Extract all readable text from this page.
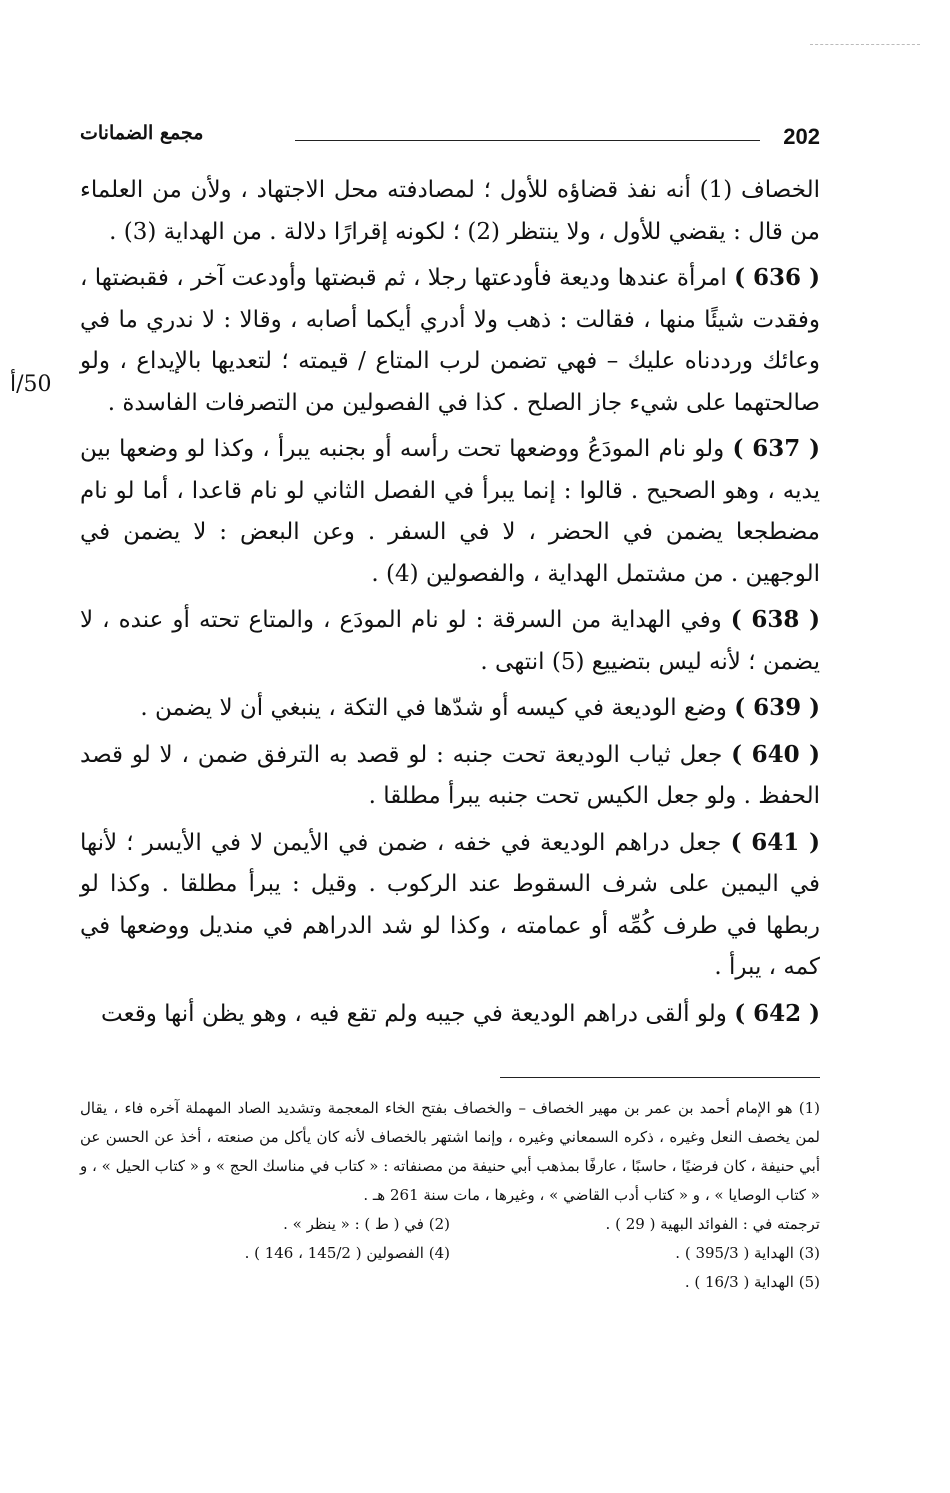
202
مجمع الضمانات
50/أ

الخصاف (1) أنه نفذ قضاؤه للأول ؛ لمصادفته محل الاجتهاد ، ولأن من العلماء من قال : يقضي للأول ، ولا ينتظر (2) ؛ لكونه إقرارًا دلالة . من الهداية (3) .

( 636 ) امرأة عندها وديعة فأودعتها رجلا ، ثم قبضتها وأودعت آخر ، فقبضتها ، وفقدت شيئًا منها ، فقالت : ذهب ولا أدري أيكما أصابه ، وقالا : لا ندري ما في وعائك ورددناه عليك – فهي تضمن لرب المتاع / قيمته ؛ لتعديها بالإيداع ، ولو صالحتهما على شيء جاز الصلح . كذا في الفصولين من التصرفات الفاسدة .

( 637 ) ولو نام المودَعُ ووضعها تحت رأسه أو بجنبه يبرأ ، وكذا لو وضعها بين يديه ، وهو الصحيح . قالوا : إنما يبرأ في الفصل الثاني لو نام قاعدا ، أما لو نام مضطجعا يضمن في الحضر ، لا في السفر . وعن البعض : لا يضمن في الوجهين . من مشتمل الهداية ، والفصولين (4) .

( 638 ) وفي الهداية من السرقة : لو نام المودَع ، والمتاع تحته أو عنده ، لا يضمن ؛ لأنه ليس بتضييع (5) انتهى .

( 639 ) وضع الوديعة في كيسه أو شدّها في التكة ، ينبغي أن لا يضمن .

( 640 ) جعل ثياب الوديعة تحت جنبه : لو قصد به الترفق ضمن ، لا لو قصد الحفظ . ولو جعل الكيس تحت جنبه يبرأ مطلقا .

( 641 ) جعل دراهم الوديعة في خفه ، ضمن في الأيمن لا في الأيسر ؛ لأنها في اليمين على شرف السقوط عند الركوب . وقيل : يبرأ مطلقا . وكذا لو ربطها في طرف كُمِّه أو عمامته ، وكذا لو شد الدراهم في منديل ووضعها في كمه ، يبرأ .

( 642 ) ولو ألقى دراهم الوديعة في جيبه ولم تقع فيه ، وهو يظن أنها وقعت

(1) هو الإمام أحمد بن عمر بن مهير الخصاف – والخصاف بفتح الخاء المعجمة وتشديد الصاد المهملة آخره فاء ، يقال لمن يخصف النعل وغيره ، ذكره السمعاني وغيره ، وإنما اشتهر بالخصاف لأنه كان يأكل من صنعته ، أخذ عن الحسن عن أبي حنيفة ، كان فرضيًا ، حاسبًا ، عارفًا بمذهب أبي حنيفة من مصنفاته : « كتاب في مناسك الحج » و « كتاب الحيل » ، و « كتاب الوصايا » ، و « كتاب أدب القاضي » ، وغيرها ، مات سنة 261 هـ .

ترجمته في : الفوائد البهية ( 29 ) .
(2) في ( ط ) : « ينظر » .
(3) الهداية ( 395/3 ) .
(4) الفصولين ( 145/2 ، 146 ) .

(5) الهداية ( 16/3 ) .
